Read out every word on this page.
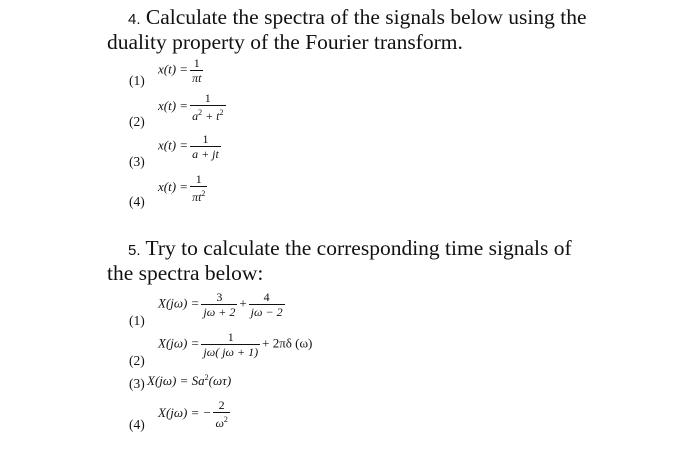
4. Calculate the spectra of the signals below using the
duality property of the Fourier transform.
(1)
$x(t) = \frac{1}{\pi t}$
(2)
$x(t) = \frac{1}{a^2 + t^2}$
(3)
$x(t) = \frac{1}{a + jt}$
(4)
$x(t) = \frac{1}{\pi t^2}$
5. Try to calculate the corresponding time signals of
the spectra below:
(1)
$X(j\omega) = \frac{3}{j\omega + 2} + \frac{4}{j\omega - 2}$
(2)
$X(j\omega) = \frac{1}{j\omega( j\omega + 1)} + 2\pi\delta$ (ω)
(3) $X(j\omega) = Sa^2(\omega\tau)$
(4)
X(jω) = − $\frac{2}{\omega^2}$
